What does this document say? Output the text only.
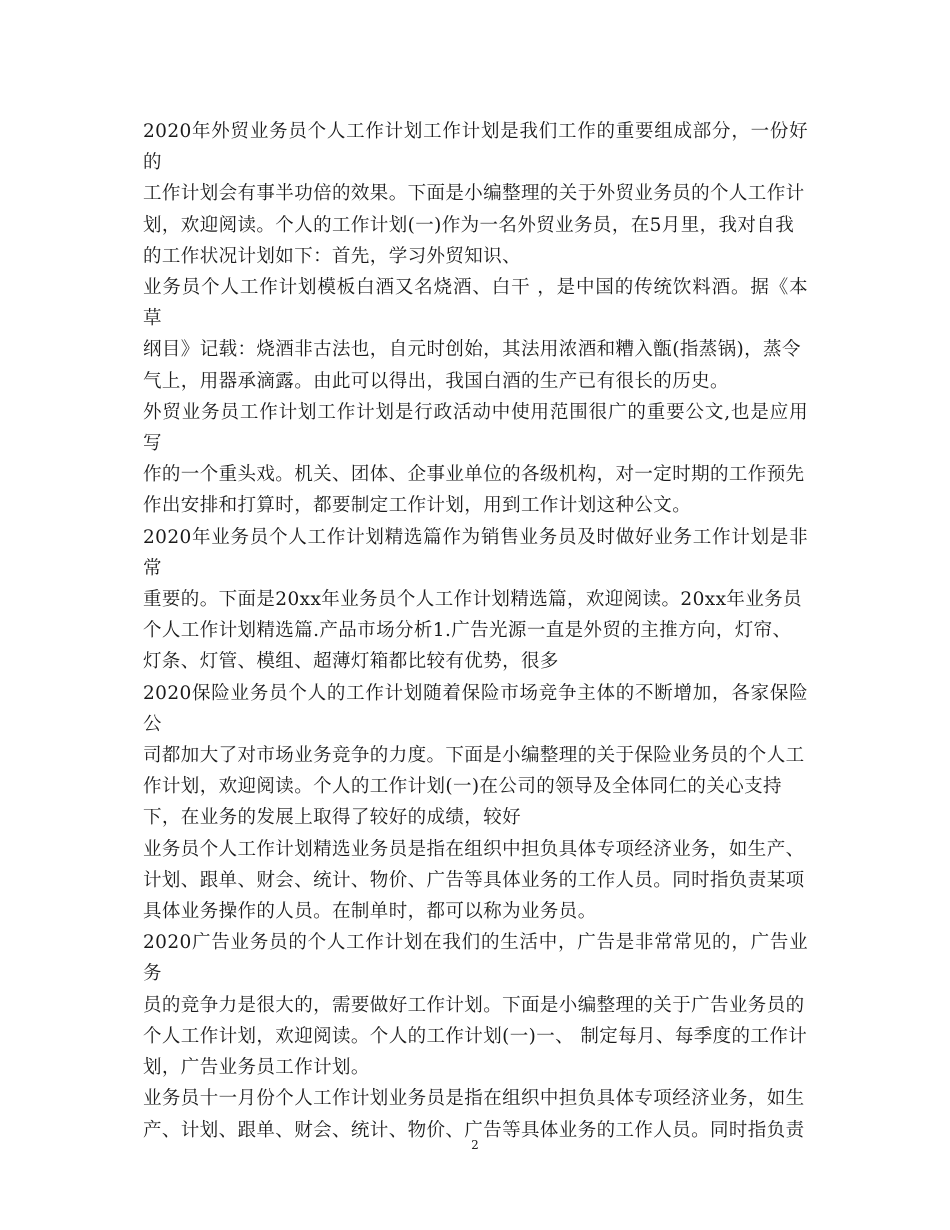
2020年外贸业务员个人工作计划工作计划是我们工作的重要组成部分，一份好的
工作计划会有事半功倍的效果。下面是小编整理的关于外贸业务员的个人工作计
划，欢迎阅读。个人的工作计划(一)作为一名外贸业务员，在5月里，我对自我
的工作状况计划如下：首先，学习外贸知识、

业务员个人工作计划模板白酒又名烧酒、白干 ，是中国的传统饮料酒。据《本草
纲目》记载：烧酒非古法也，自元时创始，其法用浓酒和糟入甑(指蒸锅)，蒸令
气上，用器承滴露。由此可以得出，我国白酒的生产已有很长的历史。

外贸业务员工作计划工作计划是行政活动中使用范围很广的重要公文,也是应用写
作的一个重头戏。机关、团体、企事业单位的各级机构，对一定时期的工作预先
作出安排和打算时，都要制定工作计划，用到工作计划这种公文。

2020年业务员个人工作计划精选篇作为销售业务员及时做好业务工作计划是非常
重要的。下面是20xx年业务员个人工作计划精选篇，欢迎阅读。20xx年业务员
个人工作计划精选篇.产品市场分析1.广告光源一直是外贸的主推方向，灯帘、
灯条、灯管、模组、超薄灯箱都比较有优势，很多

2020保险业务员个人的工作计划随着保险市场竞争主体的不断增加，各家保险公
司都加大了对市场业务竞争的力度。下面是小编整理的关于保险业务员的个人工
作计划，欢迎阅读。个人的工作计划(一)在公司的领导及全体同仁的关心支持
下，在业务的发展上取得了较好的成绩，较好

业务员个人工作计划精选业务员是指在组织中担负具体专项经济业务，如生产、
计划、跟单、财会、统计、物价、广告等具体业务的工作人员。同时指负责某项
具体业务操作的人员。在制单时，都可以称为业务员。

2020广告业务员的个人工作计划在我们的生活中，广告是非常常见的，广告业务
员的竞争力是很大的，需要做好工作计划。下面是小编整理的关于广告业务员的
个人工作计划，欢迎阅读。个人的工作计划(一)一、 制定每月、每季度的工作计
划，广告业务员工作计划。

业务员十一月份个人工作计划业务员是指在组织中担负具体专项经济业务，如生
产、计划、跟单、财会、统计、物价、广告等具体业务的工作人员。同时指负责

2
